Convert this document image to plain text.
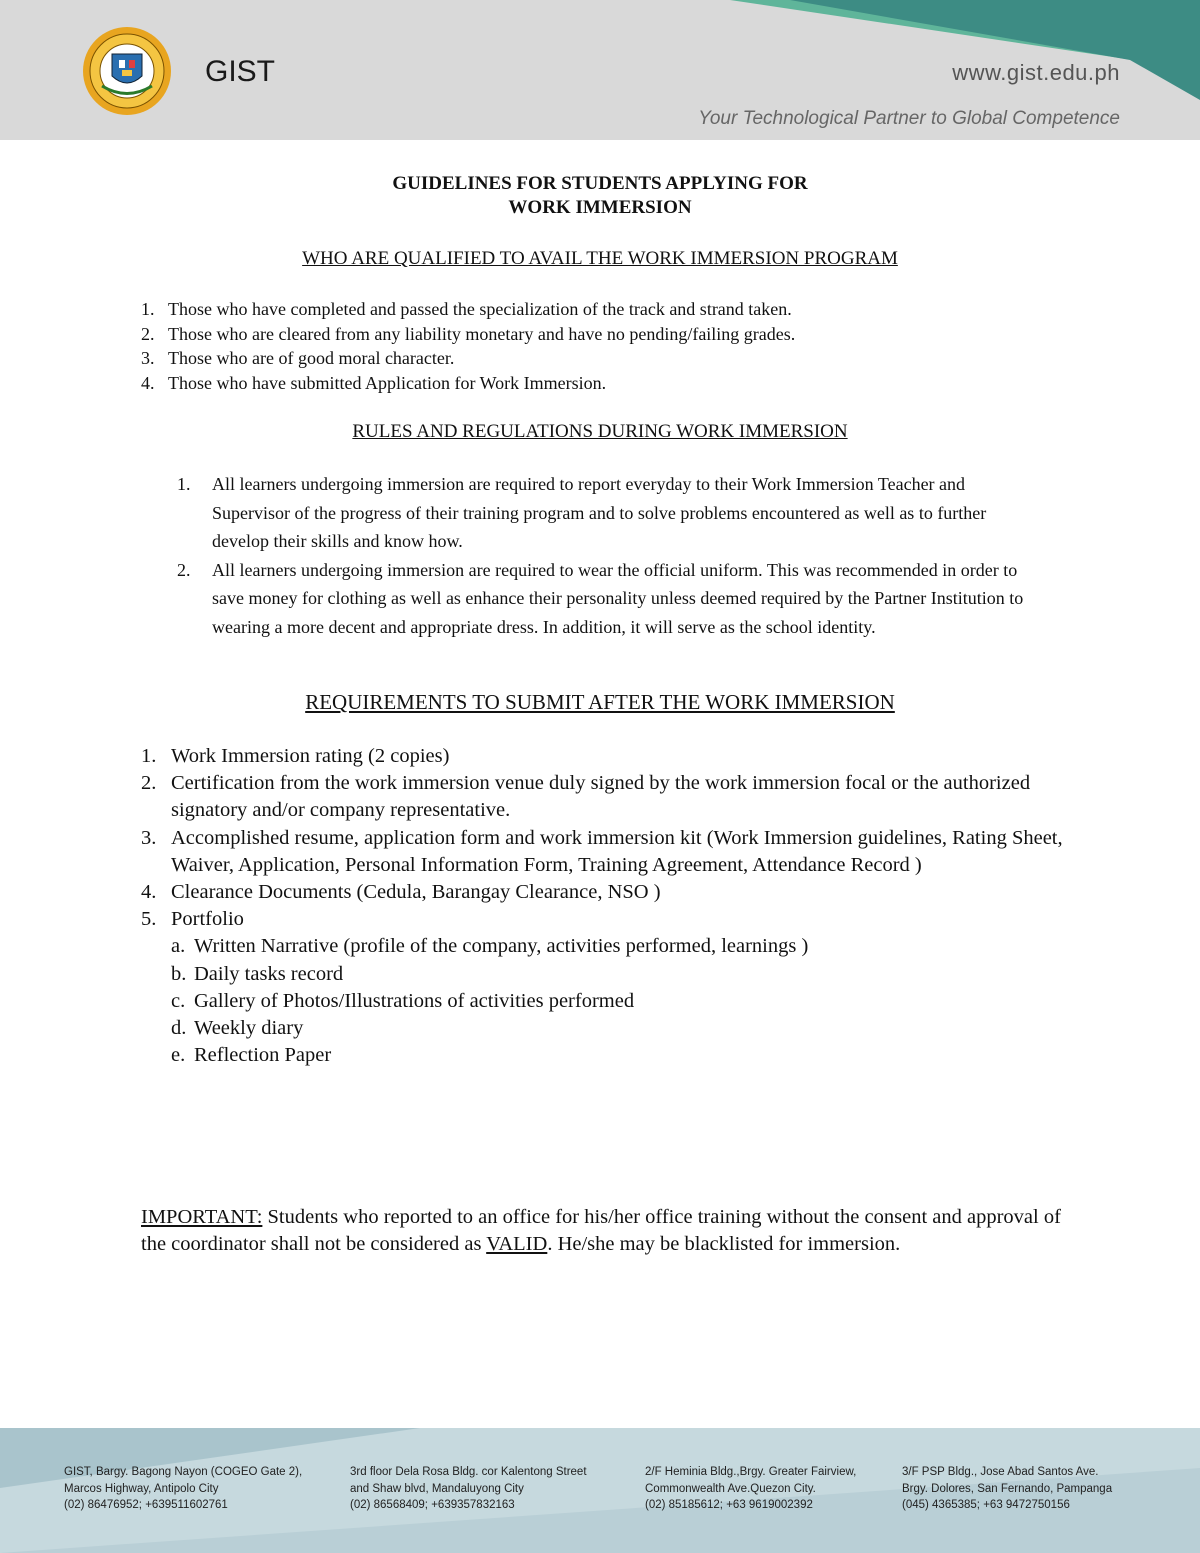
GIST	www.gist.edu.ph
Your Technological Partner to Global Competence
GUIDELINES FOR STUDENTS APPLYING FOR
WORK IMMERSION
WHO ARE QUALIFIED TO AVAIL THE WORK IMMERSION PROGRAM
1. Those who have completed and passed the specialization of the track and strand taken.
2. Those who are cleared from any liability monetary and have no pending/failing grades.
3. Those who are of good moral character.
4. Those who have submitted Application for Work Immersion.
RULES AND REGULATIONS DURING WORK IMMERSION
1. All learners undergoing immersion are required to report everyday to their Work Immersion Teacher and Supervisor of the progress of their training program and to solve problems encountered as well as to further develop their skills and know how.
2. All learners undergoing immersion are required to wear the official uniform. This was recommended in order to save money for clothing as well as enhance their personality unless deemed required by the Partner Institution to wearing a more decent and appropriate dress. In addition, it will serve as the school identity.
REQUIREMENTS TO SUBMIT AFTER THE WORK IMMERSION
1. Work Immersion rating (2 copies)
2. Certification from the work immersion venue duly signed by the work immersion focal or the authorized signatory and/or company representative.
3. Accomplished resume, application form and work immersion kit (Work Immersion guidelines, Rating Sheet, Waiver, Application, Personal Information Form, Training Agreement, Attendance Record )
4. Clearance Documents (Cedula, Barangay Clearance, NSO )
5. Portfolio
a. Written Narrative (profile of the company, activities performed, learnings )
b. Daily tasks record
c. Gallery of Photos/Illustrations of activities performed
d. Weekly diary
e. Reflection Paper
IMPORTANT: Students who reported to an office for his/her office training without the consent and approval of the coordinator shall not be considered as VALID. He/she may be blacklisted for immersion.
GIST, Bargy. Bagong Nayon (COGEO Gate 2),
Marcos Highway, Antipolo City
(02) 86476952; +639511602761
3rd floor Dela Rosa Bldg. cor Kalentong Street
and Shaw blvd, Mandaluyong City
(02) 86568409; +639357832163
2/F Heminia Bldg.,Brgy. Greater Fairview,
Commonwealth Ave.Quezon City.
(02) 85185612; +63 9619002392
3/F PSP Bldg., Jose Abad Santos Ave.
Brgy. Dolores, San Fernando, Pampanga
(045) 4365385; +63 9472750156
